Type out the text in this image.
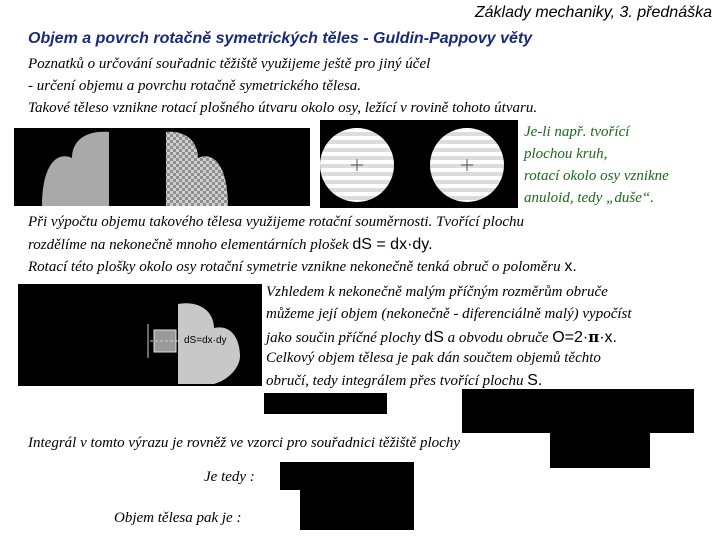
Základy mechaniky, 3. přednáška
Objem a povrch rotačně symetrických těles - Guldin-Pappovy věty
Poznatků o určování souřadnic těžiště využijeme ještě pro jiný účel
- určení objemu a povrchu rotačně symetrického tělesa.
Takové těleso vznikne rotací plošného útvaru okolo osy, ležící v rovině tohoto útvaru.
Je-li např. tvořící
plochou kruh,
rotací okolo osy vznikne
anuloid, tedy „duše“.
Při výpočtu objemu takového tělesa využijeme rotační souměrnosti. Tvořící plochu
rozdělíme na nekonečně mnoho elementárních plošek dS = dx·dy.
Rotací této plošky okolo osy rotační symetrie vznikne nekonečně tenká obruč o poloměru x.
dS=dx·dy
Vzhledem k nekonečně malým příčným rozměrům obruče
můžeme její objem (nekonečně - diferenciálně malý) vypočíst
jako součin příčné plochy dS a obvodu obruče O=2·π·x.
Celkový objem tělesa je pak dán součtem objemů těchto
obručí, tedy integrálem přes tvořící plochu S.
Integrál v tomto výrazu je rovněž ve vzorci pro souřadnici těžiště plochy
Je tedy :
Objem tělesa pak je :
